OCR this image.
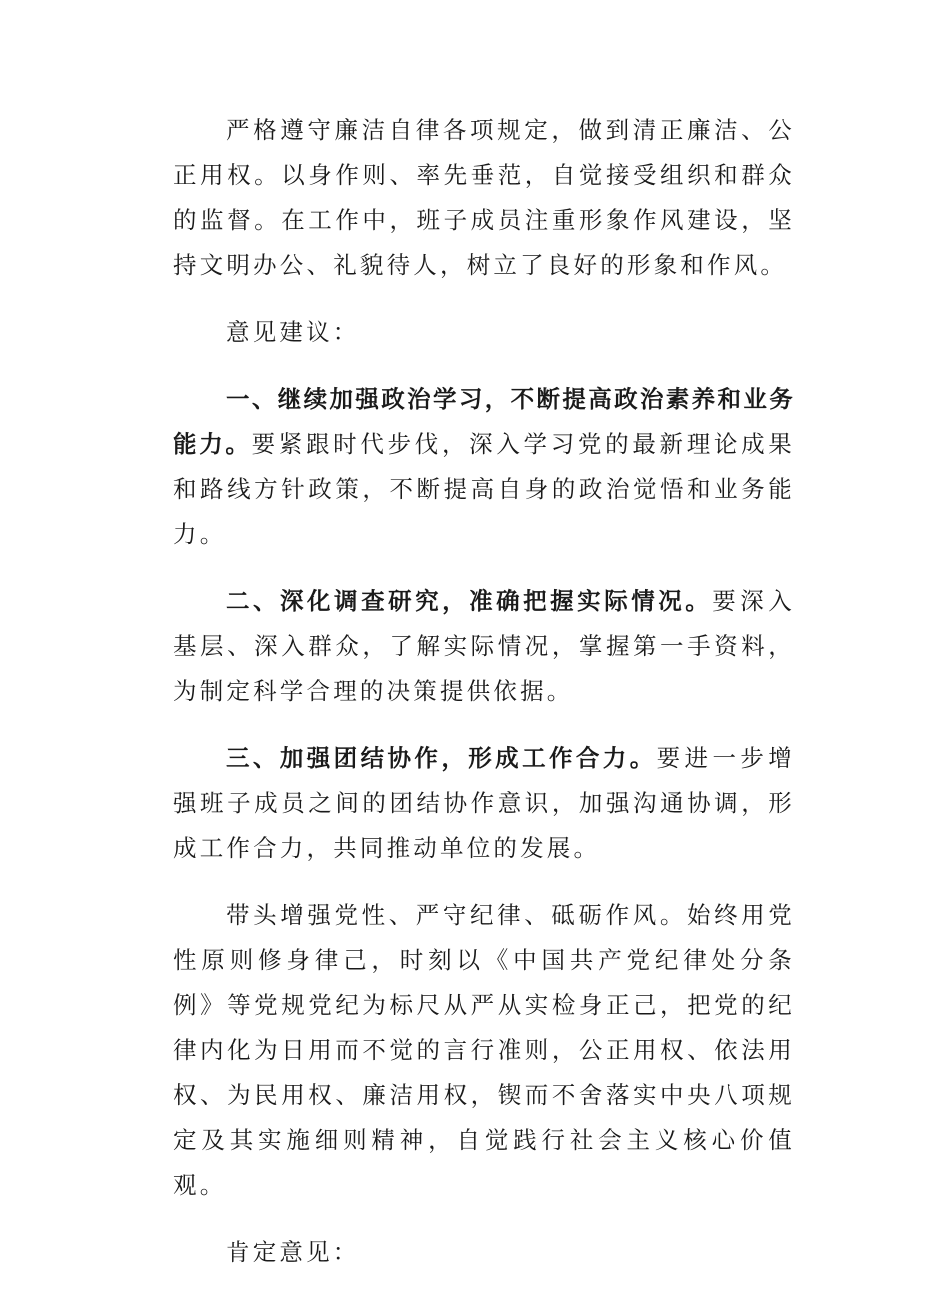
严格遵守廉洁自律各项规定，做到清正廉洁、公正用权。以身作则、率先垂范，自觉接受组织和群众的监督。在工作中，班子成员注重形象作风建设，坚持文明办公、礼貌待人，树立了良好的形象和作风。

意见建议：

一、继续加强政治学习，不断提高政治素养和业务能力。要紧跟时代步伐，深入学习党的最新理论成果和路线方针政策，不断提高自身的政治觉悟和业务能力。

二、深化调查研究，准确把握实际情况。要深入基层、深入群众，了解实际情况，掌握第一手资料，为制定科学合理的决策提供依据。

三、加强团结协作，形成工作合力。要进一步增强班子成员之间的团结协作意识，加强沟通协调，形成工作合力，共同推动单位的发展。

带头增强党性、严守纪律、砥砺作风。始终用党性原则修身律己，时刻以《中国共产党纪律处分条例》等党规党纪为标尺从严从实检身正己，把党的纪律内化为日用而不觉的言行准则，公正用权、依法用权、为民用权、廉洁用权，锲而不舍落实中央八项规定及其实施细则精神，自觉践行社会主义核心价值观。

肯定意见：
